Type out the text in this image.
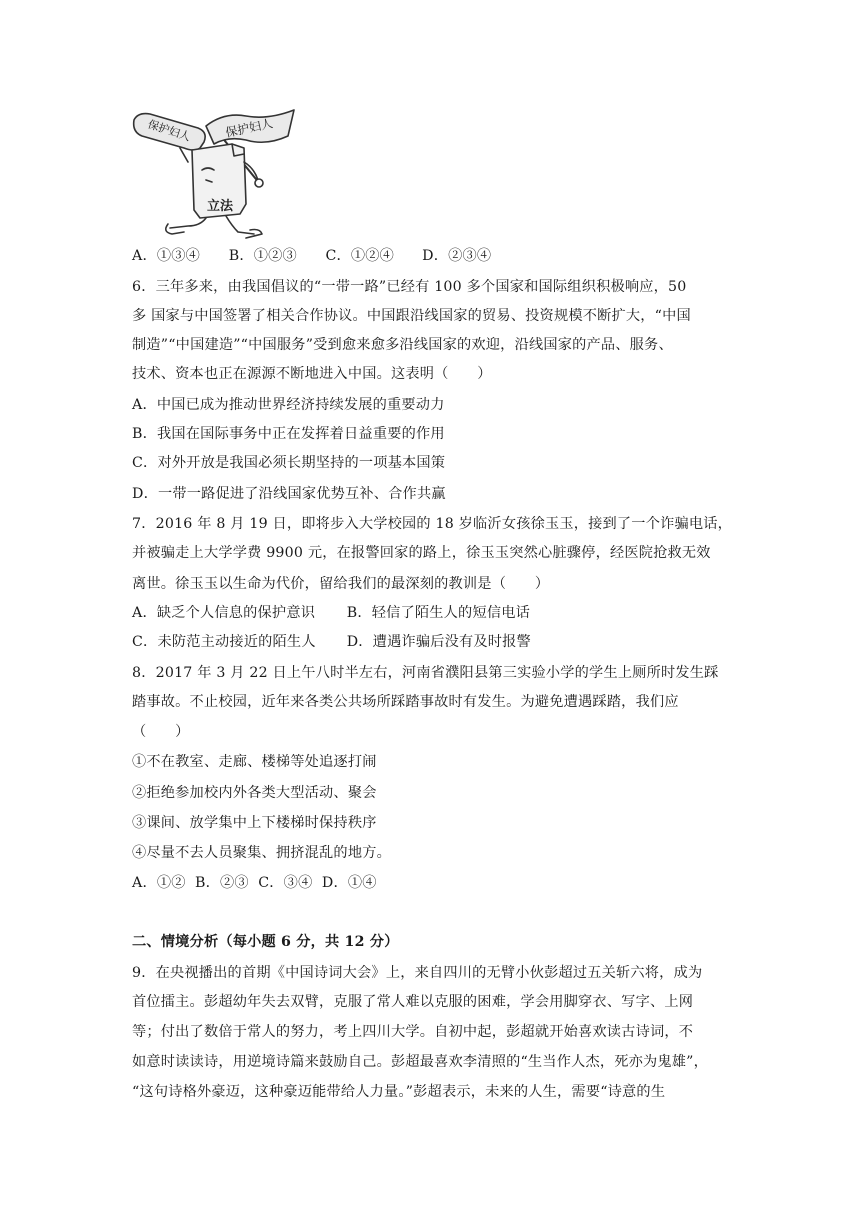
保护妇人	保护妇人
立法
A．①③④ B．①②③ C．①②④ D．②③④
6．三年多来，由我国倡议的“一带一路”已经有 100 多个国家和国际组织积极响应，50
多 国家与中国签署了相关合作协议。中国跟沿线国家的贸易、投资规模不断扩大，“中国
制造”“中国建造”“中国服务”受到愈来愈多沿线国家的欢迎，沿线国家的产品、服务、
技术、资本也正在源源不断地进入中国。这表明（　　）
A．中国已成为推动世界经济持续发展的重要动力
B．我国在国际事务中正在发挥着日益重要的作用
C．对外开放是我国必须长期坚持的一项基本国策
D．一带一路促进了沿线国家优势互补、合作共赢
7．2016 年 8 月 19 日，即将步入大学校园的 18 岁临沂女孩徐玉玉，接到了一个诈骗电话，
并被骗走上大学学费 9900 元，在报警回家的路上，徐玉玉突然心脏骤停，经医院抢救无效
离世。徐玉玉以生命为代价，留给我们的最深刻的教训是（　　）
A．缺乏个人信息的保护意识 B．轻信了陌生人的短信电话
C．未防范主动接近的陌生人 D．遭遇诈骗后没有及时报警
8．2017 年 3 月 22 日上午八时半左右，河南省濮阳县第三实验小学的学生上厕所时发生踩
踏事故。不止校园，近年来各类公共场所踩踏事故时有发生。为避免遭遇踩踏，我们应
（　　）
①不在教室、走廊、楼梯等处追逐打闹
②拒绝参加校内外各类大型活动、聚会
③课间、放学集中上下楼梯时保持秩序
④尽量不去人员聚集、拥挤混乱的地方。
A．①②  B．②③  C．③④  D．①④
二、情境分析（每小题 6 分，共 12 分）
9．在央视播出的首期《中国诗词大会》上，来自四川的无臂小伙彭超过五关斩六将，成为
首位擂主。彭超幼年失去双臂，克服了常人难以克服的困难，学会用脚穿衣、写字、上网
等；付出了数倍于常人的努力，考上四川大学。自初中起，彭超就开始喜欢读古诗词，不
如意时读读诗，用逆境诗篇来鼓励自己。彭超最喜欢李清照的“生当作人杰，死亦为鬼雄”，
“这句诗格外豪迈，这种豪迈能带给人力量。”彭超表示，未来的人生，需要“诗意的生
